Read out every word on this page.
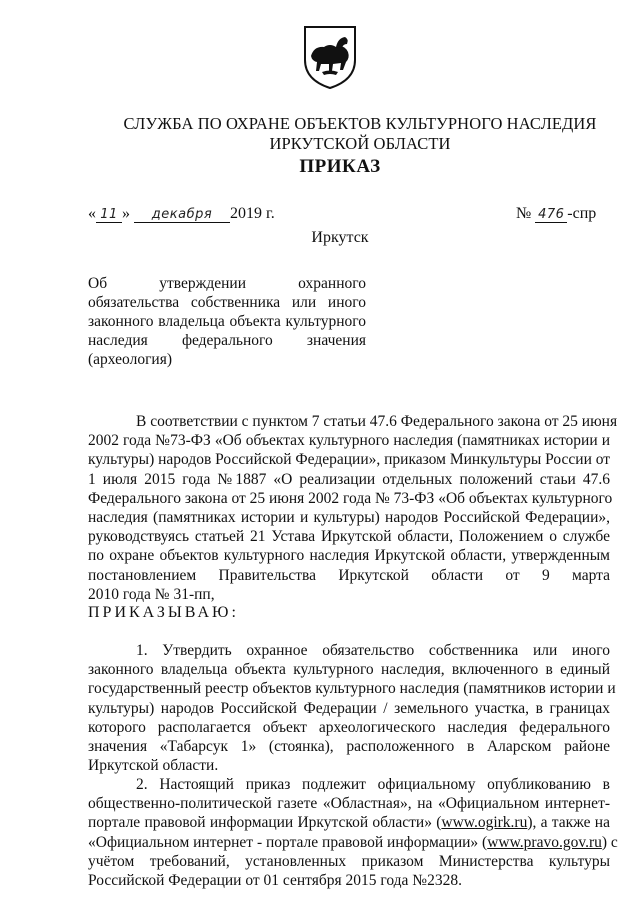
СЛУЖБА ПО ОХРАНЕ ОБЪЕКТОВ КУЛЬТУРНОГО НАСЛЕДИЯ
ИРКУТСКОЙ ОБЛАСТИ
ПРИКАЗ
« 11 » декабря 2019 г.	№ 476 -спр
Иркутск
Об утверждении охранного
обязательства собственника или иного
законного владельца объекта культурного
наследия федерального значения
(археология)
В соответствии с пунктом 7 статьи 47.6 Федерального закона от 25 июня
2002 года №73-ФЗ «Об объектах культурного наследия (памятниках истории и
культуры) народов Российской Федерации», приказом Минкультуры России от
1 июля 2015 года №1887 «О реализации отдельных положений стаьи 47.6
Федерального закона от 25 июня 2002 года № 73-ФЗ «Об объектах культурного
наследия (памятниках истории и культуры) народов Российской Федерации»,
руководствуясь статьей 21 Устава Иркутской области, Положением о службе
по охране объектов культурного наследия Иркутской области, утвержденным
постановлением Правительства Иркутской области от 9 марта
2010 года № 31-пп,
ПРИКАЗЫВАЮ:
1. Утвердить охранное обязательство собственника или иного
законного владельца объекта культурного наследия, включенного в единый
государственный реестр объектов культурного наследия (памятников истории и
культуры) народов Российской Федерации / земельного участка, в границах
которого располагается объект археологического наследия федерального
значения «Табарсук 1» (стоянка), расположенного в Аларском районе
Иркутской области.
2. Настоящий приказ подлежит официальному опубликованию в
общественно-политической газете «Областная», на «Официальном интернет-
портале правовой информации Иркутской области» (www.ogirk.ru), а также на
«Официальном интернет - портале правовой информации» (www.pravo.gov.ru) с
учётом требований, установленных приказом Министерства культуры
Российской Федерации от 01 сентября 2015 года №2328.
